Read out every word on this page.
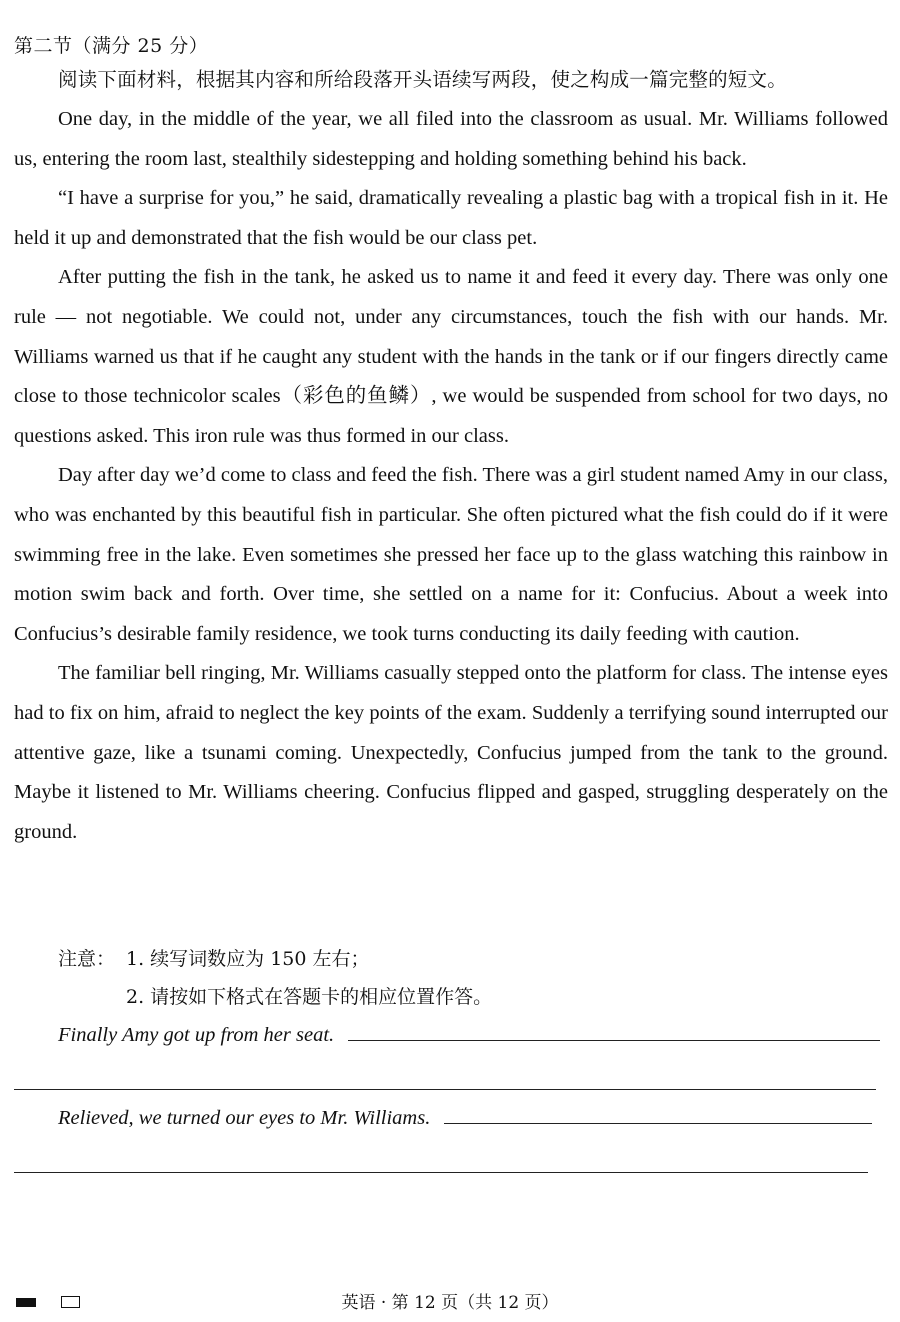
第二节（满分 25 分）
阅读下面材料，根据其内容和所给段落开头语续写两段，使之构成一篇完整的短文。

One day, in the middle of the year, we all filed into the classroom as usual. Mr. Williams followed us, entering the room last, stealthily sidestepping and holding something behind his back.

“I have a surprise for you,” he said, dramatically revealing a plastic bag with a tropical fish in it. He held it up and demonstrated that the fish would be our class pet.

After putting the fish in the tank, he asked us to name it and feed it every day. There was only one rule — not negotiable. We could not, under any circumstances, touch the fish with our hands. Mr. Williams warned us that if he caught any student with the hands in the tank or if our fingers directly came close to those technicolor scales（彩色的鱼鳞）, we would be suspended from school for two days, no questions asked. This iron rule was thus formed in our class.

Day after day we’d come to class and feed the fish. There was a girl student named Amy in our class, who was enchanted by this beautiful fish in particular. She often pictured what the fish could do if it were swimming free in the lake. Even sometimes she pressed her face up to the glass watching this rainbow in motion swim back and forth. Over time, she settled on a name for it: Confucius. About a week into Confucius’s desirable family residence, we took turns conducting its daily feeding with caution.

The familiar bell ringing, Mr. Williams casually stepped onto the platform for class. The intense eyes had to fix on him, afraid to neglect the key points of the exam. Suddenly a terrifying sound interrupted our attentive gaze, like a tsunami coming. Unexpectedly, Confucius jumped from the tank to the ground. Maybe it listened to Mr. Williams cheering. Confucius flipped and gasped, struggling desperately on the ground.

注意： 1. 续写词数应为 150 左右；
2. 请按如下格式在答题卡的相应位置作答。
Finally Amy got up from her seat.
Relieved, we turned our eyes to Mr. Williams.
英语 · 第 12 页（共 12 页）
